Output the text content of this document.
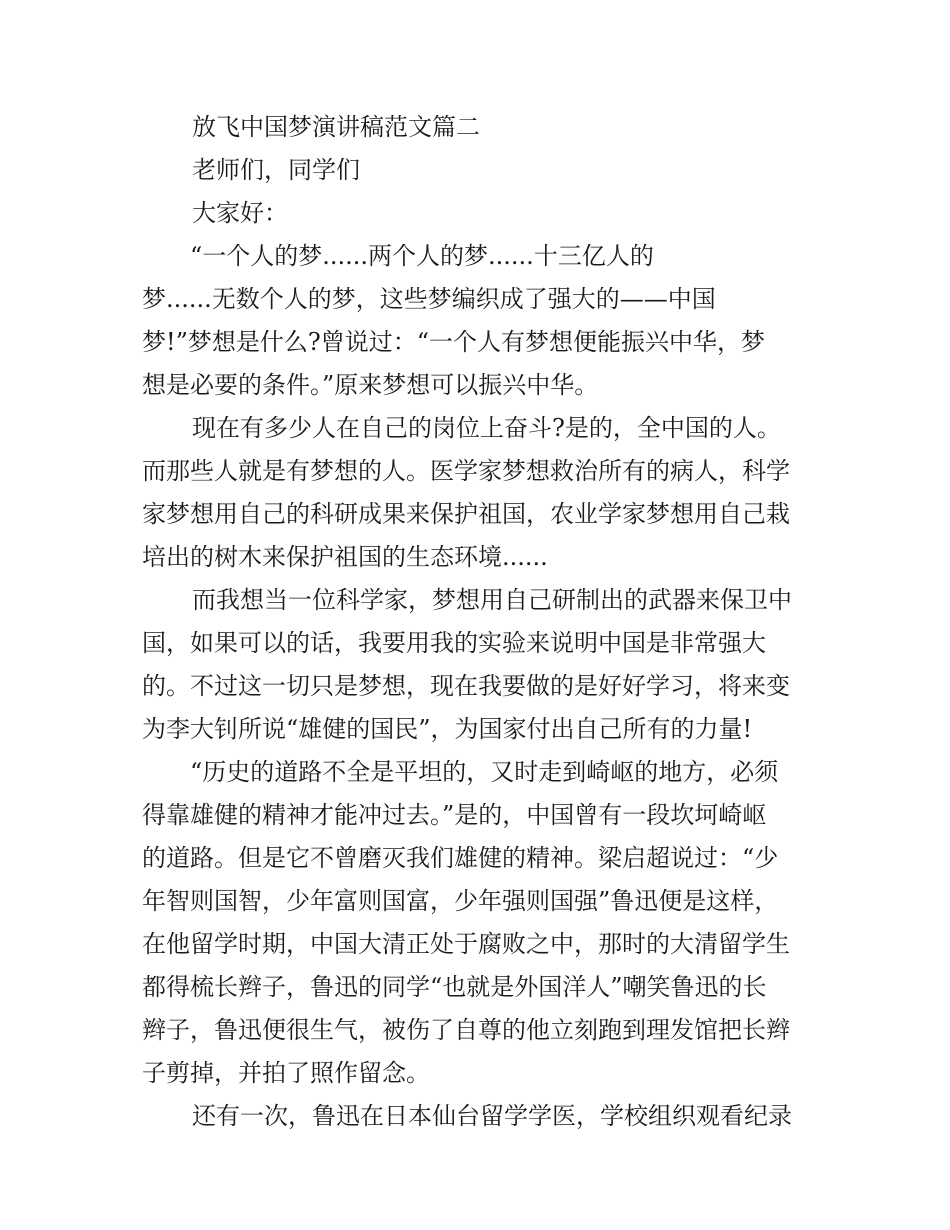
放飞中国梦演讲稿范文篇二
老师们，同学们
大家好：
“一个人的梦......两个人的梦......十三亿人的
梦......无数个人的梦，这些梦编织成了强大的——中国
梦!”梦想是什么?曾说过：“一个人有梦想便能振兴中华，梦
想是必要的条件。”原来梦想可以振兴中华。
现在有多少人在自己的岗位上奋斗?是的，全中国的人。
而那些人就是有梦想的人。医学家梦想救治所有的病人，科学
家梦想用自己的科研成果来保护祖国，农业学家梦想用自己栽
培出的树木来保护祖国的生态环境......
而我想当一位科学家，梦想用自己研制出的武器来保卫中
国，如果可以的话，我要用我的实验来说明中国是非常强大
的。不过这一切只是梦想，现在我要做的是好好学习，将来变
为李大钊所说“雄健的国民”，为国家付出自己所有的力量!
“历史的道路不全是平坦的，又时走到崎岖的地方，必须
得靠雄健的精神才能冲过去。”是的，中国曾有一段坎坷崎岖
的道路。但是它不曾磨灭我们雄健的精神。梁启超说过：“少
年智则国智，少年富则国富，少年强则国强”鲁迅便是这样，
在他留学时期，中国大清正处于腐败之中，那时的大清留学生
都得梳长辫子，鲁迅的同学“也就是外国洋人”嘲笑鲁迅的长
辫子，鲁迅便很生气，被伤了自尊的他立刻跑到理发馆把长辫
子剪掉，并拍了照作留念。
还有一次，鲁迅在日本仙台留学学医，学校组织观看纪录
